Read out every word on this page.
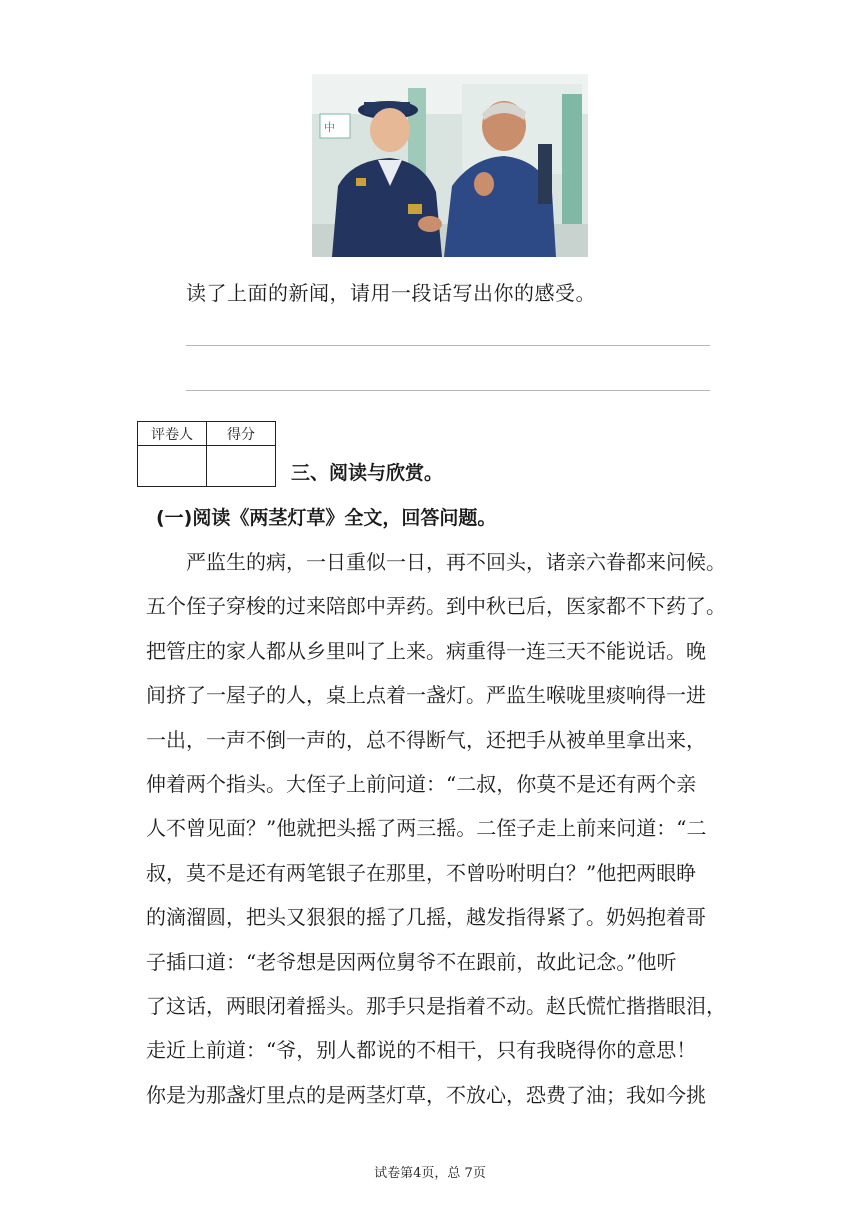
中
读了上面的新闻，请用一段话写出你的感受。
评卷人	得分

三、阅读与欣赏。
(一)阅读《两茎灯草》全文，回答问题。
　　严监生的病，一日重似一日，再不回头，诸亲六眷都来问候。
五个侄子穿梭的过来陪郎中弄药。到中秋已后，医家都不下药了。
把管庄的家人都从乡里叫了上来。病重得一连三天不能说话。晚
间挤了一屋子的人，桌上点着一盏灯。严监生喉咙里痰响得一进
一出，一声不倒一声的，总不得断气，还把手从被单里拿出来，
伸着两个指头。大侄子上前问道：“二叔，你莫不是还有两个亲
人不曾见面？”他就把头摇了两三摇。二侄子走上前来问道：“二
叔，莫不是还有两笔银子在那里，不曾吩咐明白？”他把两眼睁
的滴溜圆，把头又狠狠的摇了几摇，越发指得紧了。奶妈抱着哥
子插口道：“老爷想是因两位舅爷不在跟前，故此记念。”他听
了这话，两眼闭着摇头。那手只是指着不动。赵氏慌忙揩揩眼泪，
走近上前道：“爷，别人都说的不相干，只有我晓得你的意思！
你是为那盏灯里点的是两茎灯草，不放心，恐费了油；我如今挑
试卷第4页，总 7页
